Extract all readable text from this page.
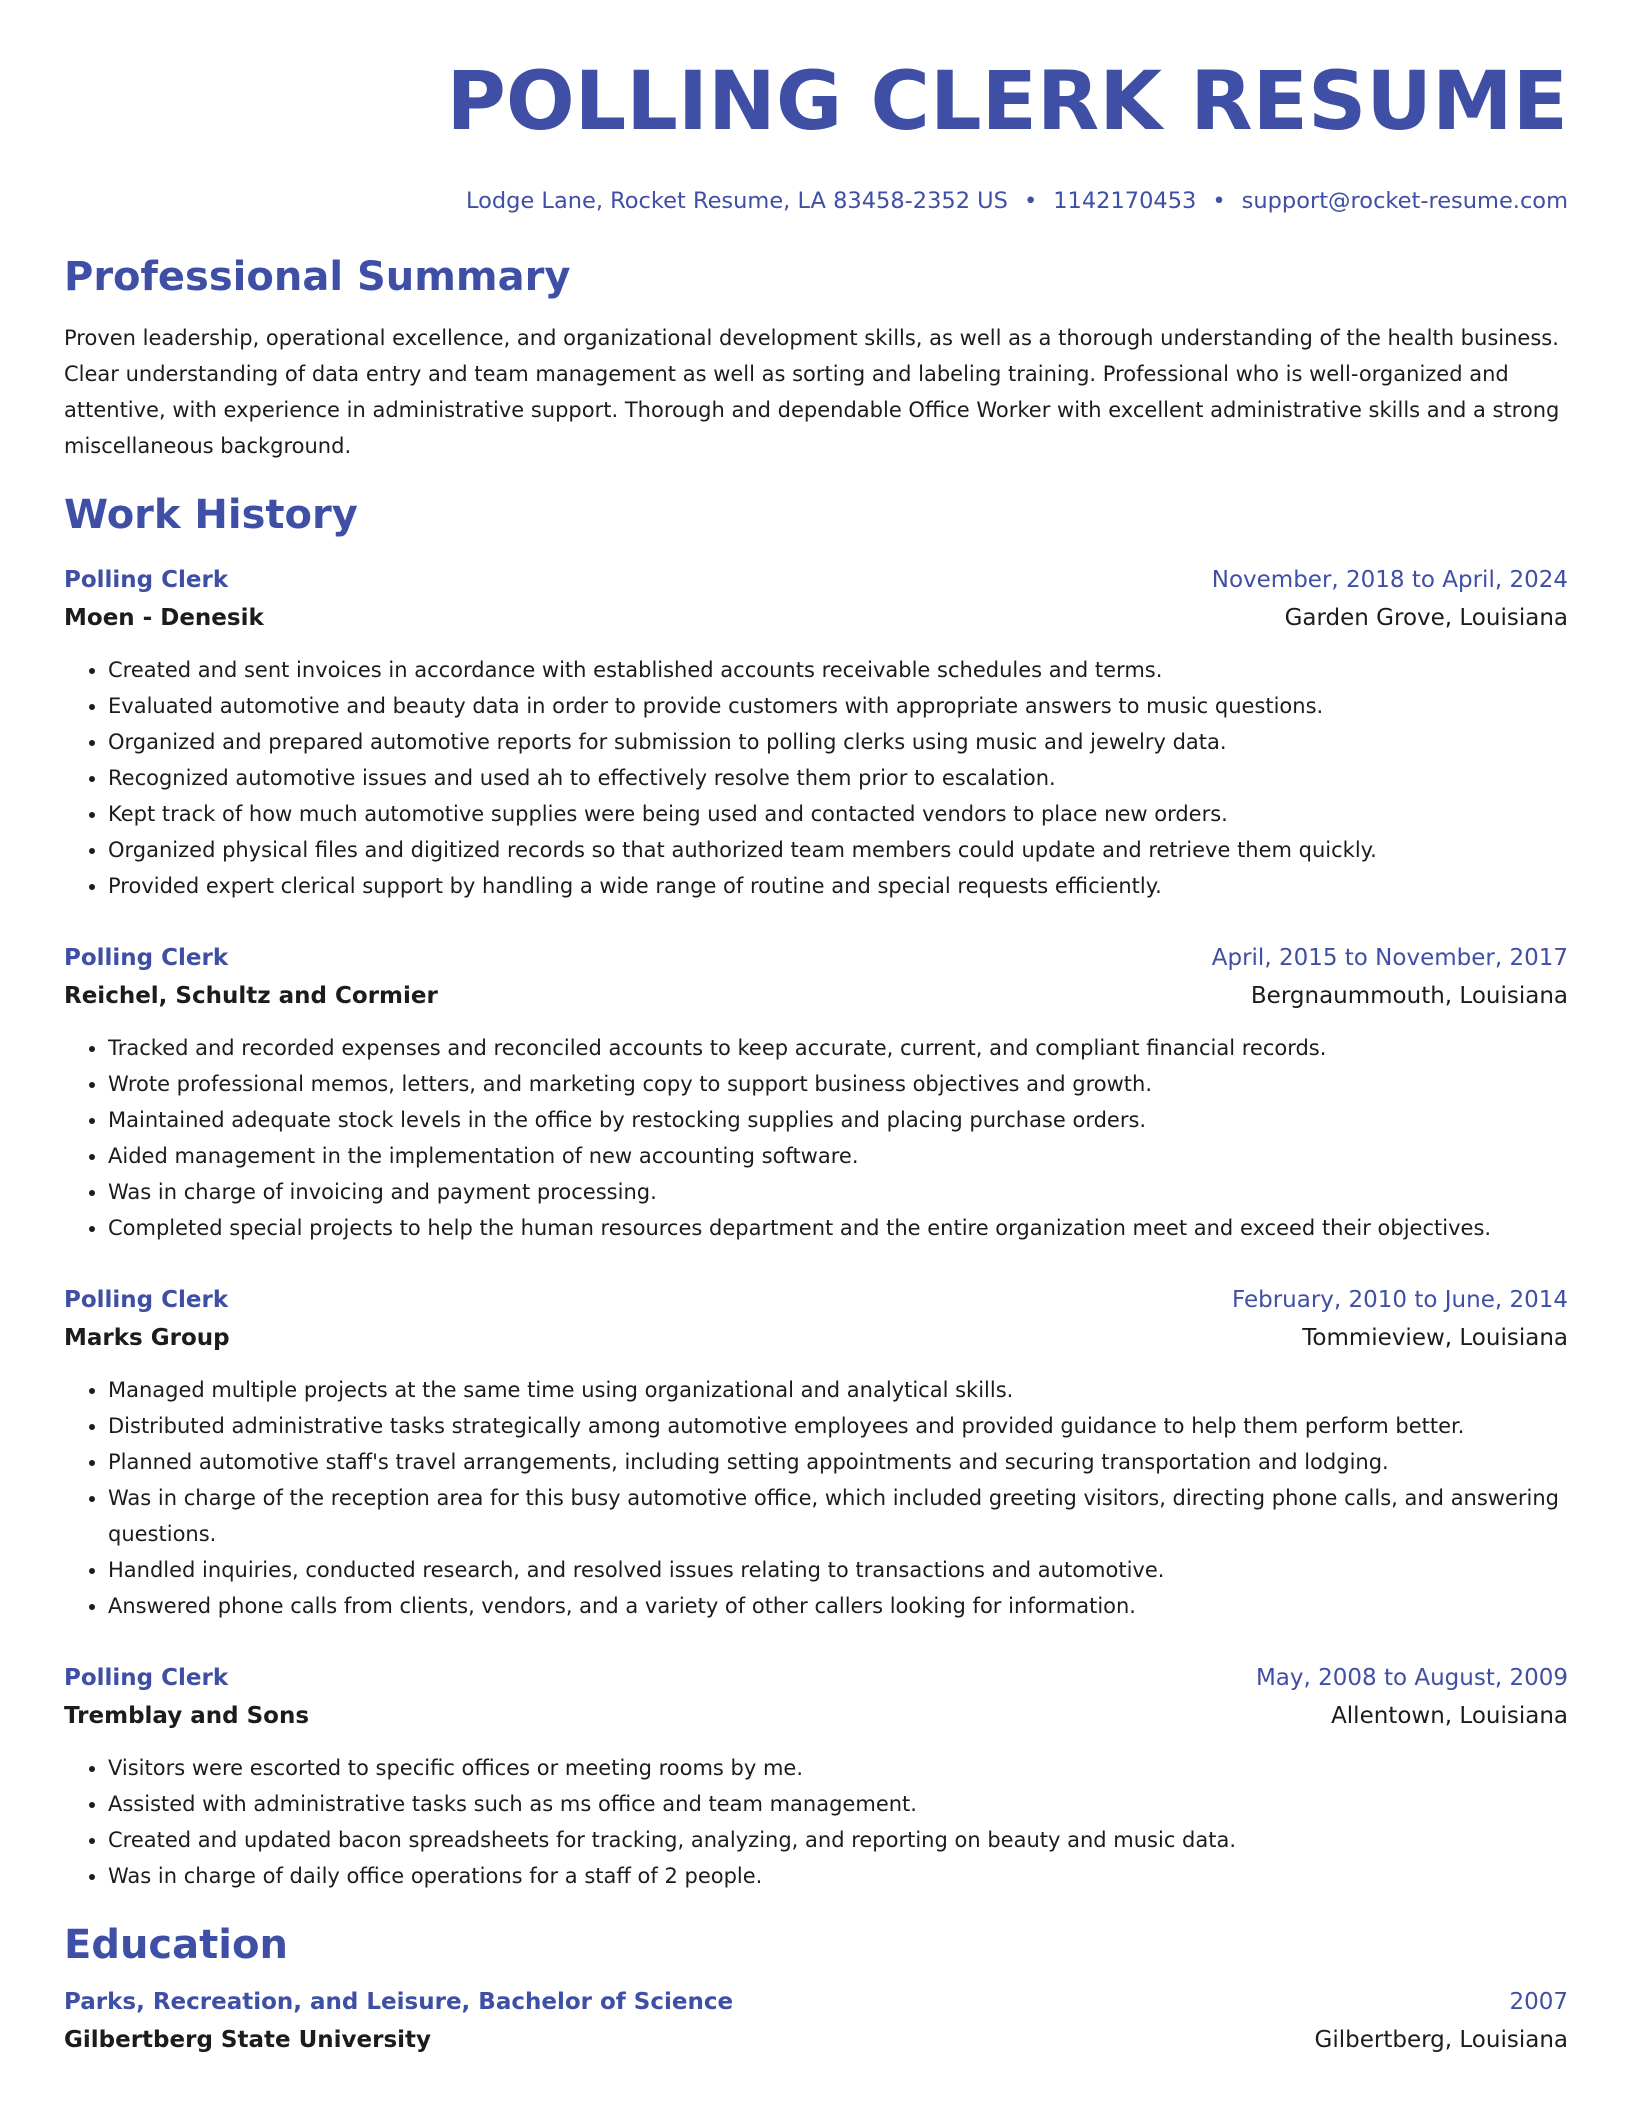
POLLING CLERK RESUME
Lodge Lane, Rocket Resume, LA 83458-2352 US • 1142170453 • support@rocket-resume.com
Professional Summary
Proven leadership, operational excellence, and organizational development skills, as well as a thorough understanding of the health business. Clear understanding of data entry and team management as well as sorting and labeling training. Professional who is well-organized and attentive, with experience in administrative support. Thorough and dependable Office Worker with excellent administrative skills and a strong miscellaneous background.
Work History
Polling Clerk	November, 2018 to April, 2024
Moen - Denesik	Garden Grove, Louisiana
• Created and sent invoices in accordance with established accounts receivable schedules and terms.
• Evaluated automotive and beauty data in order to provide customers with appropriate answers to music questions.
• Organized and prepared automotive reports for submission to polling clerks using music and jewelry data.
• Recognized automotive issues and used ah to effectively resolve them prior to escalation.
• Kept track of how much automotive supplies were being used and contacted vendors to place new orders.
• Organized physical files and digitized records so that authorized team members could update and retrieve them quickly.
• Provided expert clerical support by handling a wide range of routine and special requests efficiently.
Polling Clerk	April, 2015 to November, 2017
Reichel, Schultz and Cormier	Bergnaummouth, Louisiana
• Tracked and recorded expenses and reconciled accounts to keep accurate, current, and compliant financial records.
• Wrote professional memos, letters, and marketing copy to support business objectives and growth.
• Maintained adequate stock levels in the office by restocking supplies and placing purchase orders.
• Aided management in the implementation of new accounting software.
• Was in charge of invoicing and payment processing.
• Completed special projects to help the human resources department and the entire organization meet and exceed their objectives.
Polling Clerk	February, 2010 to June, 2014
Marks Group	Tommieview, Louisiana
• Managed multiple projects at the same time using organizational and analytical skills.
• Distributed administrative tasks strategically among automotive employees and provided guidance to help them perform better.
• Planned automotive staff's travel arrangements, including setting appointments and securing transportation and lodging.
• Was in charge of the reception area for this busy automotive office, which included greeting visitors, directing phone calls, and answering questions.
• Handled inquiries, conducted research, and resolved issues relating to transactions and automotive.
• Answered phone calls from clients, vendors, and a variety of other callers looking for information.
Polling Clerk	May, 2008 to August, 2009
Tremblay and Sons	Allentown, Louisiana
• Visitors were escorted to specific offices or meeting rooms by me.
• Assisted with administrative tasks such as ms office and team management.
• Created and updated bacon spreadsheets for tracking, analyzing, and reporting on beauty and music data.
• Was in charge of daily office operations for a staff of 2 people.
Education
Parks, Recreation, and Leisure, Bachelor of Science	2007
Gilbertberg State University	Gilbertberg, Louisiana
